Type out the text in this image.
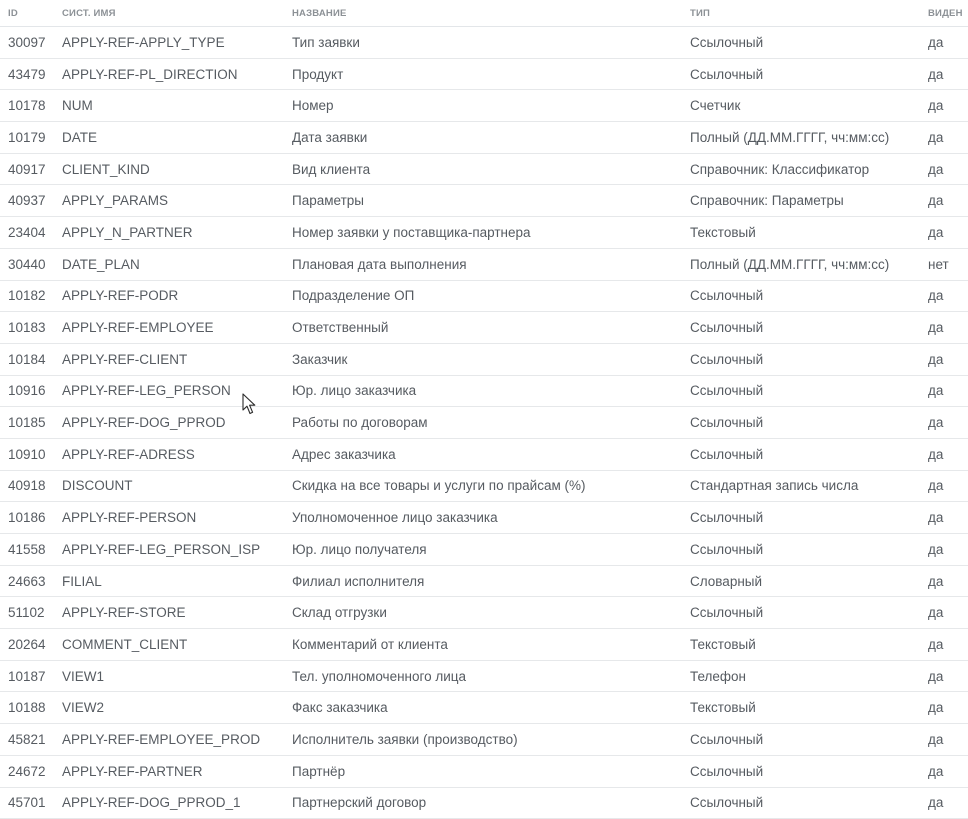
ID	СИСТ. ИМЯ	НАЗВАНИЕ	ТИП	ВИДЕН
30097	APPLY-REF-APPLY_TYPE	Тип заявки	Ссылочный	да
43479	APPLY-REF-PL_DIRECTION	Продукт	Ссылочный	да
10178	NUM	Номер	Счетчик	да
10179	DATE	Дата заявки	Полный (ДД.ММ.ГГГГ, чч:мм:сс)	да
40917	CLIENT_KIND	Вид клиента	Справочник: Классификатор	да
40937	APPLY_PARAMS	Параметры	Справочник: Параметры	да
23404	APPLY_N_PARTNER	Номер заявки у поставщика-партнера	Текстовый	да
30440	DATE_PLAN	Плановая дата выполнения	Полный (ДД.ММ.ГГГГ, чч:мм:сс)	нет
10182	APPLY-REF-PODR	Подразделение ОП	Ссылочный	да
10183	APPLY-REF-EMPLOYEE	Ответственный	Ссылочный	да
10184	APPLY-REF-CLIENT	Заказчик	Ссылочный	да
10916	APPLY-REF-LEG_PERSON	Юр. лицо заказчика	Ссылочный	да
10185	APPLY-REF-DOG_PPROD	Работы по договорам	Ссылочный	да
10910	APPLY-REF-ADRESS	Адрес заказчика	Ссылочный	да
40918	DISCOUNT	Скидка на все товары и услуги по прайсам (%)	Стандартная запись числа	да
10186	APPLY-REF-PERSON	Уполномоченное лицо заказчика	Ссылочный	да
41558	APPLY-REF-LEG_PERSON_ISP	Юр. лицо получателя	Ссылочный	да
24663	FILIAL	Филиал исполнителя	Словарный	да
51102	APPLY-REF-STORE	Склад отгрузки	Ссылочный	да
20264	COMMENT_CLIENT	Комментарий от клиента	Текстовый	да
10187	VIEW1	Тел. уполномоченного лица	Телефон	да
10188	VIEW2	Факс заказчика	Текстовый	да
45821	APPLY-REF-EMPLOYEE_PROD	Исполнитель заявки (производство)	Ссылочный	да
24672	APPLY-REF-PARTNER	Партнёр	Ссылочный	да
45701	APPLY-REF-DOG_PPROD_1	Партнерский договор	Ссылочный	да
